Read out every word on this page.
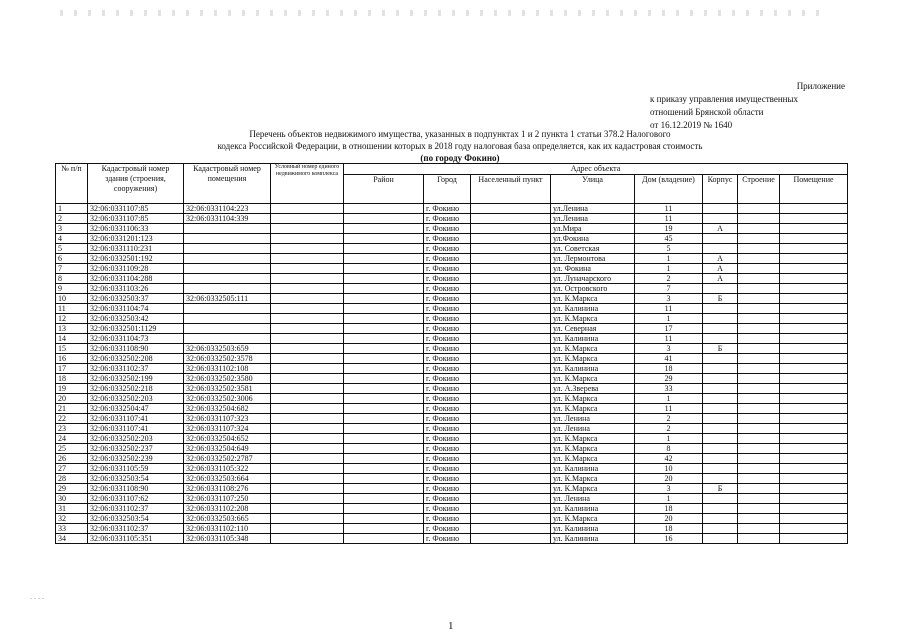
. . . .
Приложение
к приказу управления имущественных
отношений Брянской области
от 16.12.2019 № 1640
Перечень объектов недвижимого имущества, указанных в подпунктах 1 и 2 пункта 1 статьи 378.2 Налогового
кодекса Российской Федерации, в отношении которых в 2018 году налоговая база определяется, как их кадастровая стоимость
(по городу Фокино)
№ п/п	Кадастровый номер здания (строения, сооружения)	Кадастровый номер помещения	Условный номер единого недвижимого комплекса	Адрес объекта							
				Район	Город	Населенный пункт	Улица	Дом (владение)	Корпус	Строение	Помещение
1	32:06:0331107:85	32:06:0331104:223			г. Фокино		ул.Ленина	11			
2	32:06:0331107:85	32:06:0331104:339			г. Фокино		ул.Ленина	11			
3	32:06:0331106:33				г. Фокино		ул.Мира	19	А		
4	32:06:0331201:123				г. Фокино		ул.Фокина	45			
5	32:06:0331110:231				г. Фокино		ул. Советская	5			
6	32:06:0332501:192				г. Фокино		ул. Лермонтова	1	А		
7	32:06:0331109:28				г. Фокино		ул. Фокина	1	А		
8	32:06:0331104:288				г. Фокино		ул. Луначарского	2	А		
9	32:06:0331103:26				г. Фокино		ул. Островского	7			
10	32:06:0332503:37	32:06:0332505:111			г. Фокино		ул. К.Маркса	3	Б		
11	32:06:0331104:74				г. Фокино		ул. Калинина	11			
12	32:06:0332503:42				г. Фокино		ул. К.Маркса	1			
13	32:06:0332501:1129				г. Фокино		ул. Северная	17			
14	32:06:0331104:73				г. Фокино		ул. Калинина	11			
15	32:06:0331108:90	32:06:0332503:659			г. Фокино		ул. К.Маркса	3	Б		
16	32:06:0332502:208	32:06:0332502:3578			г. Фокино		ул. К.Маркса	41			
17	32:06:0331102:37	32:06:0331102:108			г. Фокино		ул. Калинина	18			
18	32:06:0332502:199	32:06:0332502:3580			г. Фокино		ул. К.Маркса	29			
19	32:06:0332502:218	32:06:0332502:3581			г. Фокино		ул. А.Зверева	33			
20	32:06:0332502:203	32:06:0332502:3006			г. Фокино		ул. К.Маркса	1			
21	32:06:0332504:47	32:06:0332504:682			г. Фокино		ул. К.Маркса	11			
22	32:06:0331107:41	32:06:0331107:323			г. Фокино		ул. Ленина	2			
23	32:06:0331107:41	32:06:0331107:324			г. Фокино		ул. Ленина	2			
24	32:06:0332502:203	32:06:0332504:652			г. Фокино		ул. К.Маркса	1			
25	32:06:0332502:237	32:06:0332504:649			г. Фокино		ул. К.Маркса	8			
26	32:06:0332502:239	32:06:0332502:2787			г. Фокино		ул. К.Маркса	42			
27	32:06:0331105:59	32:06:0331105:322			г. Фокино		ул. Калинина	10			
28	32:06:0332503:54	32:06:0332503:664			г. Фокино		ул. К.Маркса	20			
29	32:06:0331108:90	32:06:0331108:276			г. Фокино		ул. К.Маркса	3	Б		
30	32:06:0331107:62	32:06:0331107:250			г. Фокино		ул. Ленина	1			
31	32:06:0331102:37	32:06:0331102:208			г. Фокино		ул. Калинина	18			
32	32:06:0332503:54	32:06:0332503:665			г. Фокино		ул. К.Маркса	20			
33	32:06:0331102:37	32:06:0331102:110			г. Фокино		ул. Калинина	18			
34	32:06:0331105:351	32:06:0331105:348			г. Фокино		ул. Калинина	16			
1
